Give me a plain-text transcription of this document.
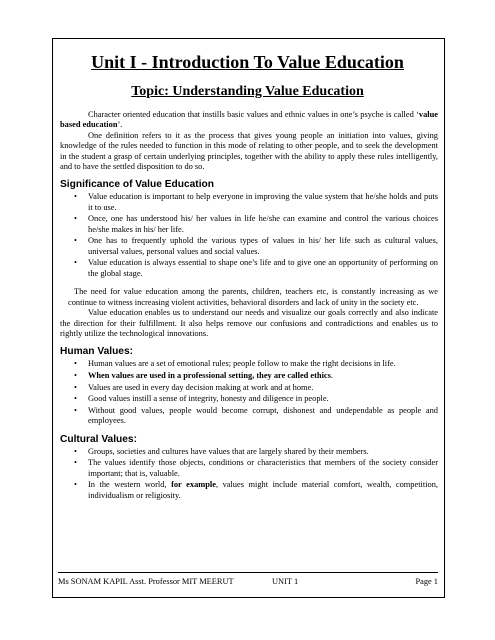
Unit I - Introduction To Value Education
Topic: Understanding Value Education

Character oriented education that instills basic values and ethnic values in one’s psyche is called ‘value based education’.

One definition refers to it as the process that gives young people an initiation into values, giving knowledge of the rules needed to function in this mode of relating to other people, and to seek the development in the student a grasp of certain underlying principles, together with the ability to apply these rules intelligently, and to have the settled disposition to do so.

Significance of Value Education
• Value education is important to help everyone in improving the value system that he/she holds and puts it to use.
• Once, one has understood his/ her values in life he/she can examine and control the various choices he/she makes in his/ her life.
• One has to frequently uphold the various types of values in his/ her life such as cultural values, universal values, personal values and social values.
• Value education is always essential to shape one’s life and to give one an opportunity of performing on the global stage.

The need for value education among the parents, children, teachers etc, is constantly increasing as we continue to witness increasing violent activities, behavioral disorders and lack of unity in the society etc.

Value education enables us to understand our needs and visualize our goals correctly and also indicate the direction for their fulfillment. It also helps remove our confusions and contradictions and enables us to rightly utilize the technological innovations.

Human Values:
• Human values are a set of emotional rules; people follow to make the right decisions in life.
• When values are used in a professional setting, they are called ethics.
• Values are used in every day decision making at work and at home.
• Good values instill a sense of integrity, honesty and diligence in people.
• Without good values, people would become corrupt, dishonest and undependable as people and employees.
Cultural Values:
• Groups, societies and cultures have values that are largely shared by their members.
• The values identify those objects, conditions or characteristics that members of the society consider important; that is, valuable.
• In the western world, for example, values might include material comfort, wealth, competition, individualism or religiosity.
Ms SONAM KAPIL Asst. Professor MIT MEERUT	UNIT 1	Page 1
